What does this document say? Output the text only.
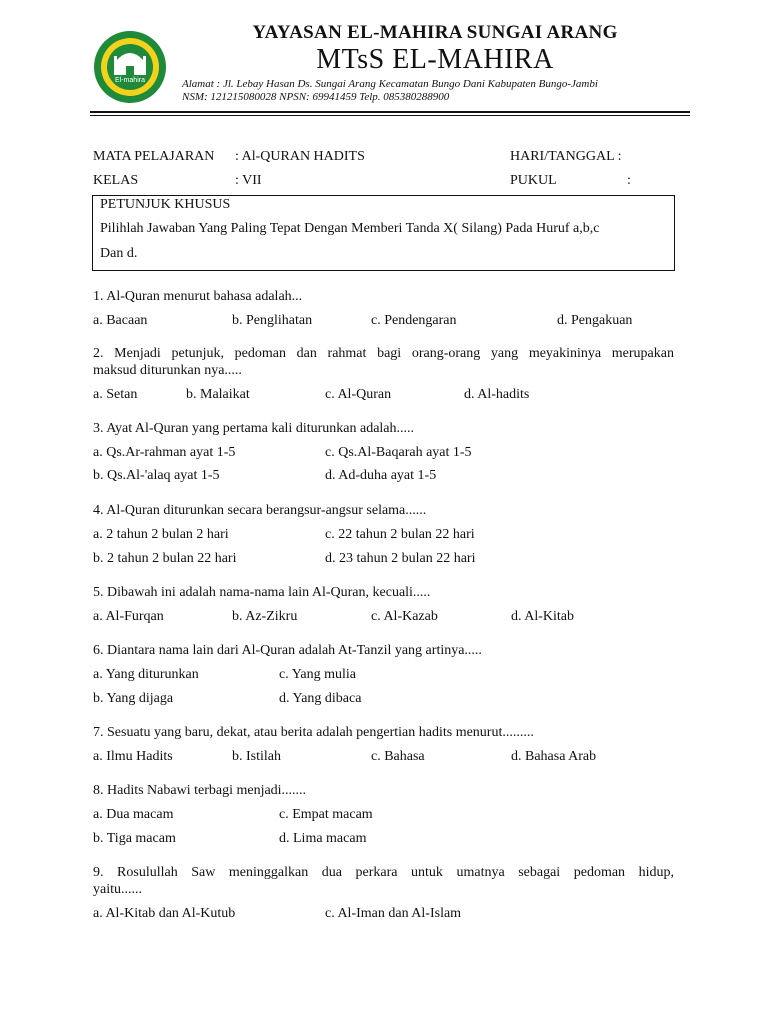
El-mahira
YAYASAN EL-MAHIRA SUNGAI ARANG
MTsS EL-MAHIRA
Alamat : Jl. Lebay Hasan Ds. Sungai Arang Kecamatan Bungo Dani Kabupaten Bungo-Jambi
NSM: 121215080028 NPSN: 69941459 Telp. 085380288900
MATA PELAJARAN : Al-QURAN HADITS	HARI/TANGGAL :
KELAS	: VII	PUKUL	:
PETUNJUK KHUSUS
Pilihlah Jawaban Yang Paling Tepat Dengan Memberi Tanda X( Silang) Pada Huruf a,b,c
Dan d.
1. Al-Quran menurut bahasa adalah...
a. Bacaan	b. Penglihatan	c. Pendengaran	d. Pengakuan
2. Menjadi petunjuk, pedoman dan rahmat bagi orang-orang yang meyakininya merupakan
maksud diturunkan nya.....
a. Setan	b. Malaikat	c. Al-Quran	d. Al-hadits
3. Ayat Al-Quran yang pertama kali diturunkan adalah.....
a. Qs.Ar-rahman ayat 1-5	c. Qs.Al-Baqarah ayat 1-5
b. Qs.Al-'alaq ayat 1-5	d. Ad-duha ayat 1-5
4. Al-Quran diturunkan secara berangsur-angsur selama......
a. 2 tahun 2 bulan 2 hari	c. 22 tahun 2 bulan 22 hari
b. 2 tahun 2 bulan 22 hari	d. 23 tahun 2 bulan 22 hari
5. Dibawah ini adalah nama-nama lain Al-Quran, kecuali.....
a. Al-Furqan	b. Az-Zikru	c. Al-Kazab	d. Al-Kitab
6. Diantara nama lain dari Al-Quran adalah At-Tanzil yang artinya.....
a. Yang diturunkan	c. Yang mulia
b. Yang dijaga	d. Yang dibaca
7. Sesuatu yang baru, dekat, atau berita adalah pengertian hadits menurut.........
a. Ilmu Hadits	b. Istilah	c. Bahasa	d. Bahasa Arab
8. Hadits Nabawi terbagi menjadi.......
a. Dua macam	c. Empat macam
b. Tiga macam	d. Lima macam
9. Rosulullah Saw meninggalkan dua perkara untuk umatnya sebagai pedoman hidup,
yaitu......
a. Al-Kitab dan Al-Kutub	c. Al-Iman dan Al-Islam
